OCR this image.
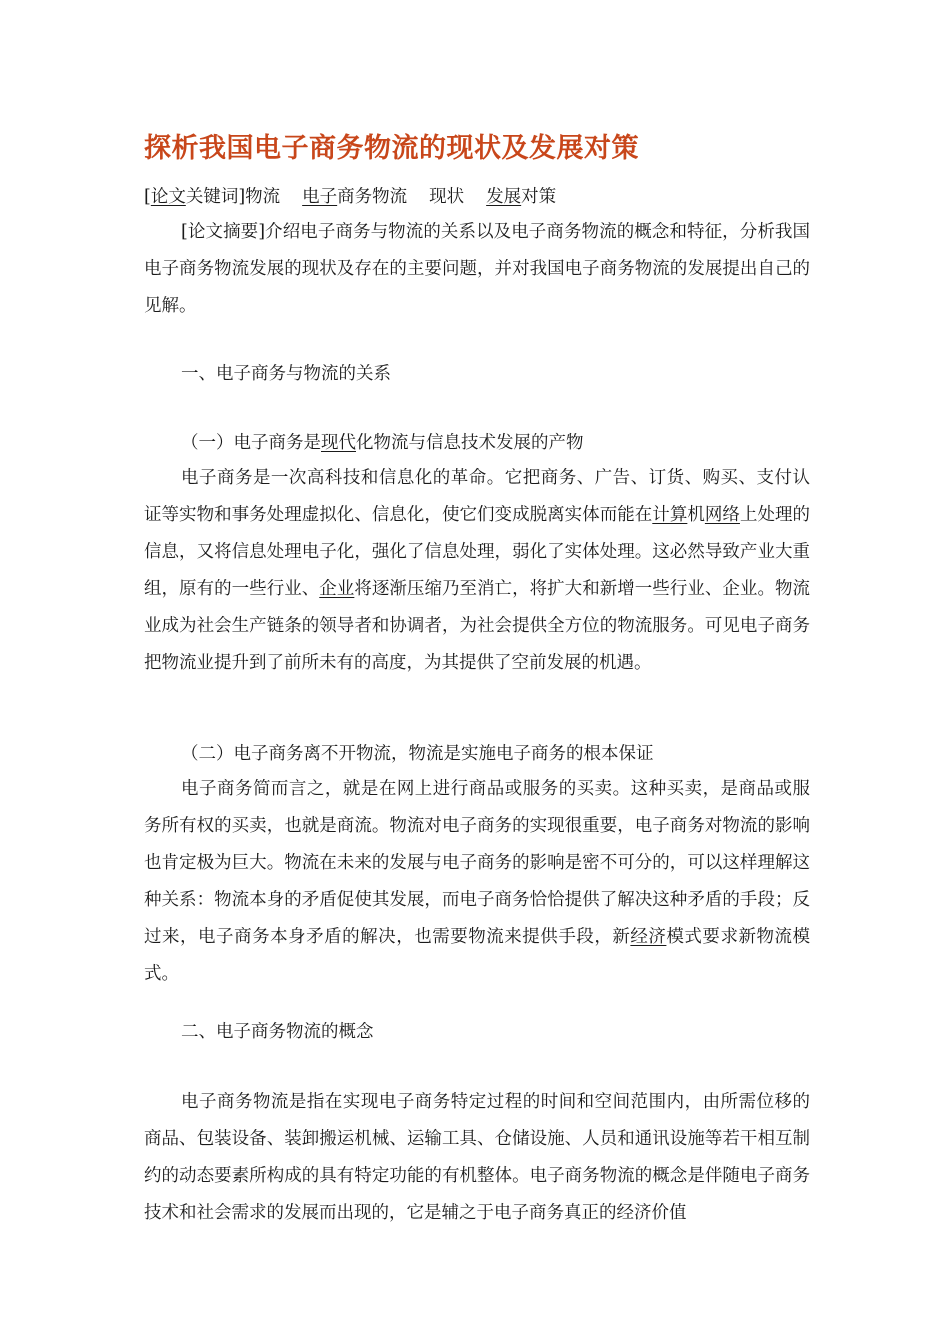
探析我国电子商务物流的现状及发展对策
[论文关键词]物流 电子商务物流 现状 发展对策

[论文摘要]介绍电子商务与物流的关系以及电子商务物流的概念和特征，分析我国电子商务物流发展的现状及存在的主要问题，并对我国电子商务物流的发展提出自己的见解。

一、电子商务与物流的关系
（一）电子商务是现代化物流与信息技术发展的产物

电子商务是一次高科技和信息化的革命。它把商务、广告、订货、购买、支付认证等实物和事务处理虚拟化、信息化，使它们变成脱离实体而能在计算机网络上处理的信息，又将信息处理电子化，强化了信息处理，弱化了实体处理。这必然导致产业大重组，原有的一些行业、企业将逐渐压缩乃至消亡，将扩大和新增一些行业、企业。物流业成为社会生产链条的领导者和协调者，为社会提供全方位的物流服务。可见电子商务把物流业提升到了前所未有的高度，为其提供了空前发展的机遇。

（二）电子商务离不开物流，物流是实施电子商务的根本保证

电子商务简而言之，就是在网上进行商品或服务的买卖。这种买卖，是商品或服务所有权的买卖，也就是商流。物流对电子商务的实现很重要，电子商务对物流的影响也肯定极为巨大。物流在未来的发展与电子商务的影响是密不可分的，可以这样理解这种关系：物流本身的矛盾促使其发展，而电子商务恰恰提供了解决这种矛盾的手段；反过来，电子商务本身矛盾的解决，也需要物流来提供手段，新经济模式要求新物流模式。

二、电子商务物流的概念

电子商务物流是指在实现电子商务特定过程的时间和空间范围内，由所需位移的商品、包装设备、装卸搬运机械、运输工具、仓储设施、人员和通讯设施等若干相互制约的动态要素所构成的具有特定功能的有机整体。电子商务物流的概念是伴随电子商务技术和社会需求的发展而出现的，它是辅之于电子商务真正的经济价值
